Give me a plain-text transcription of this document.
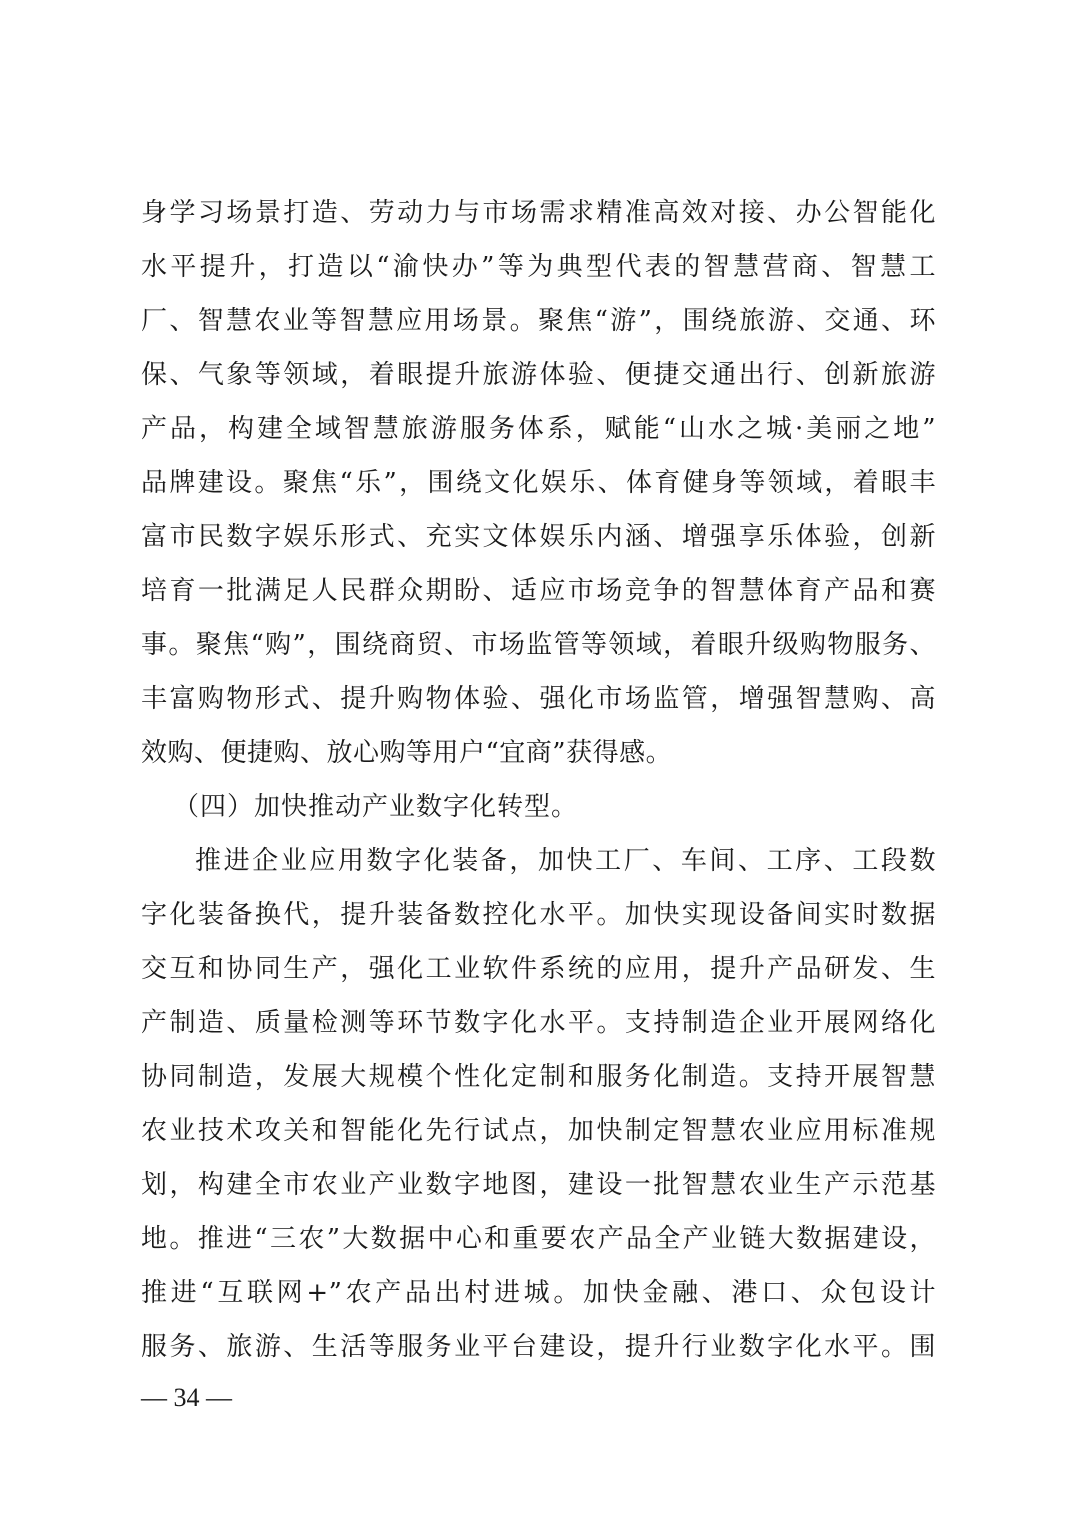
身学习场景打造、劳动力与市场需求精准高效对接、办公智能化
水平提升，打造以“渝快办”等为典型代表的智慧营商、智慧工
厂、智慧农业等智慧应用场景。聚焦“游”，围绕旅游、交通、环
保、气象等领域，着眼提升旅游体验、便捷交通出行、创新旅游
产品，构建全域智慧旅游服务体系，赋能“山水之城·美丽之地”
品牌建设。聚焦“乐”，围绕文化娱乐、体育健身等领域，着眼丰
富市民数字娱乐形式、充实文体娱乐内涵、增强享乐体验，创新
培育一批满足人民群众期盼、适应市场竞争的智慧体育产品和赛
事。聚焦“购”，围绕商贸、市场监管等领域，着眼升级购物服务、
丰富购物形式、提升购物体验、强化市场监管，增强智慧购、高
效购、便捷购、放心购等用户“宜商”获得感。
（四）加快推动产业数字化转型。
推进企业应用数字化装备，加快工厂、车间、工序、工段数
字化装备换代，提升装备数控化水平。加快实现设备间实时数据
交互和协同生产，强化工业软件系统的应用，提升产品研发、生
产制造、质量检测等环节数字化水平。支持制造企业开展网络化
协同制造，发展大规模个性化定制和服务化制造。支持开展智慧
农业技术攻关和智能化先行试点，加快制定智慧农业应用标准规
划，构建全市农业产业数字地图，建设一批智慧农业生产示范基
地。推进“三农”大数据中心和重要农产品全产业链大数据建设，
推进“互联网+”农产品出村进城。加快金融、港口、众包设计
服务、旅游、生活等服务业平台建设，提升行业数字化水平。围
— 34 —
